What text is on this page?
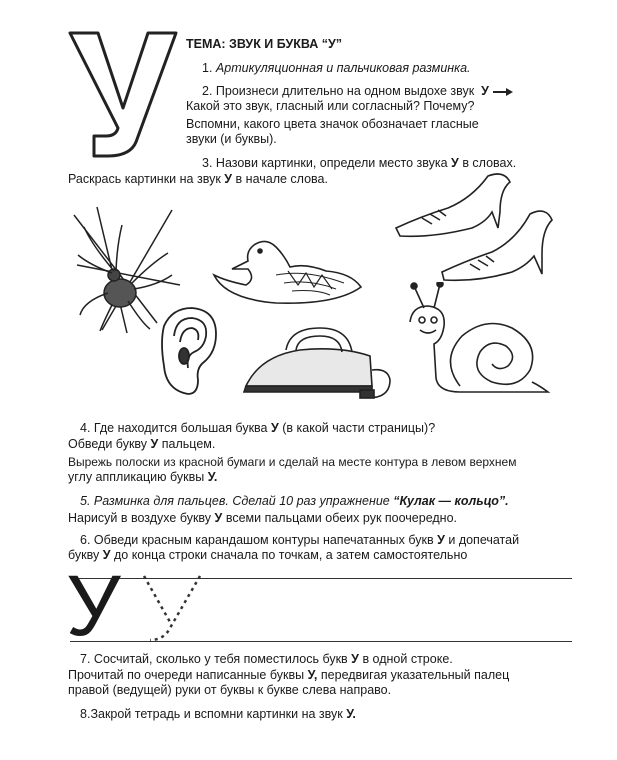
ТЕМА: ЗВУК И БУКВА “У”
1. Артикуляционная и пальчиковая разминка.
2. Произнеси длительно на одном выдохе звук У
Какой это звук, гласный или согласный? Почему?
Вспомни, какого цвета значок обозначает гласные
звуки (и буквы).
3. Назови картинки, определи место звука У в словах.
Раскрась картинки на звук У в начале слова.
4. Где находится большая буква У (в какой части страницы)?
Обведи букву У пальцем.
Вырежь полоски из красной бумаги и сделай на месте контура в левом верхнем
углу аппликацию буквы У.
5. Разминка для пальцев. Сделай 10 раз упражнение “Кулак — кольцо”.
Нарисуй в воздухе букву У всеми пальцами обеих рук поочередно.
6. Обведи красным карандашом контуры напечатанных букв У и допечатай
букву У до конца строки сначала по точкам, а затем самостоятельно
У
7. Сосчитай, сколько у тебя поместилось букв У в одной строке.
Прочитай по очереди написанные буквы У, передвигая указательный палец
правой (ведущей) руки от буквы к букве слева направо.
8.Закрой тетрадь и вспомни картинки на звук У.
